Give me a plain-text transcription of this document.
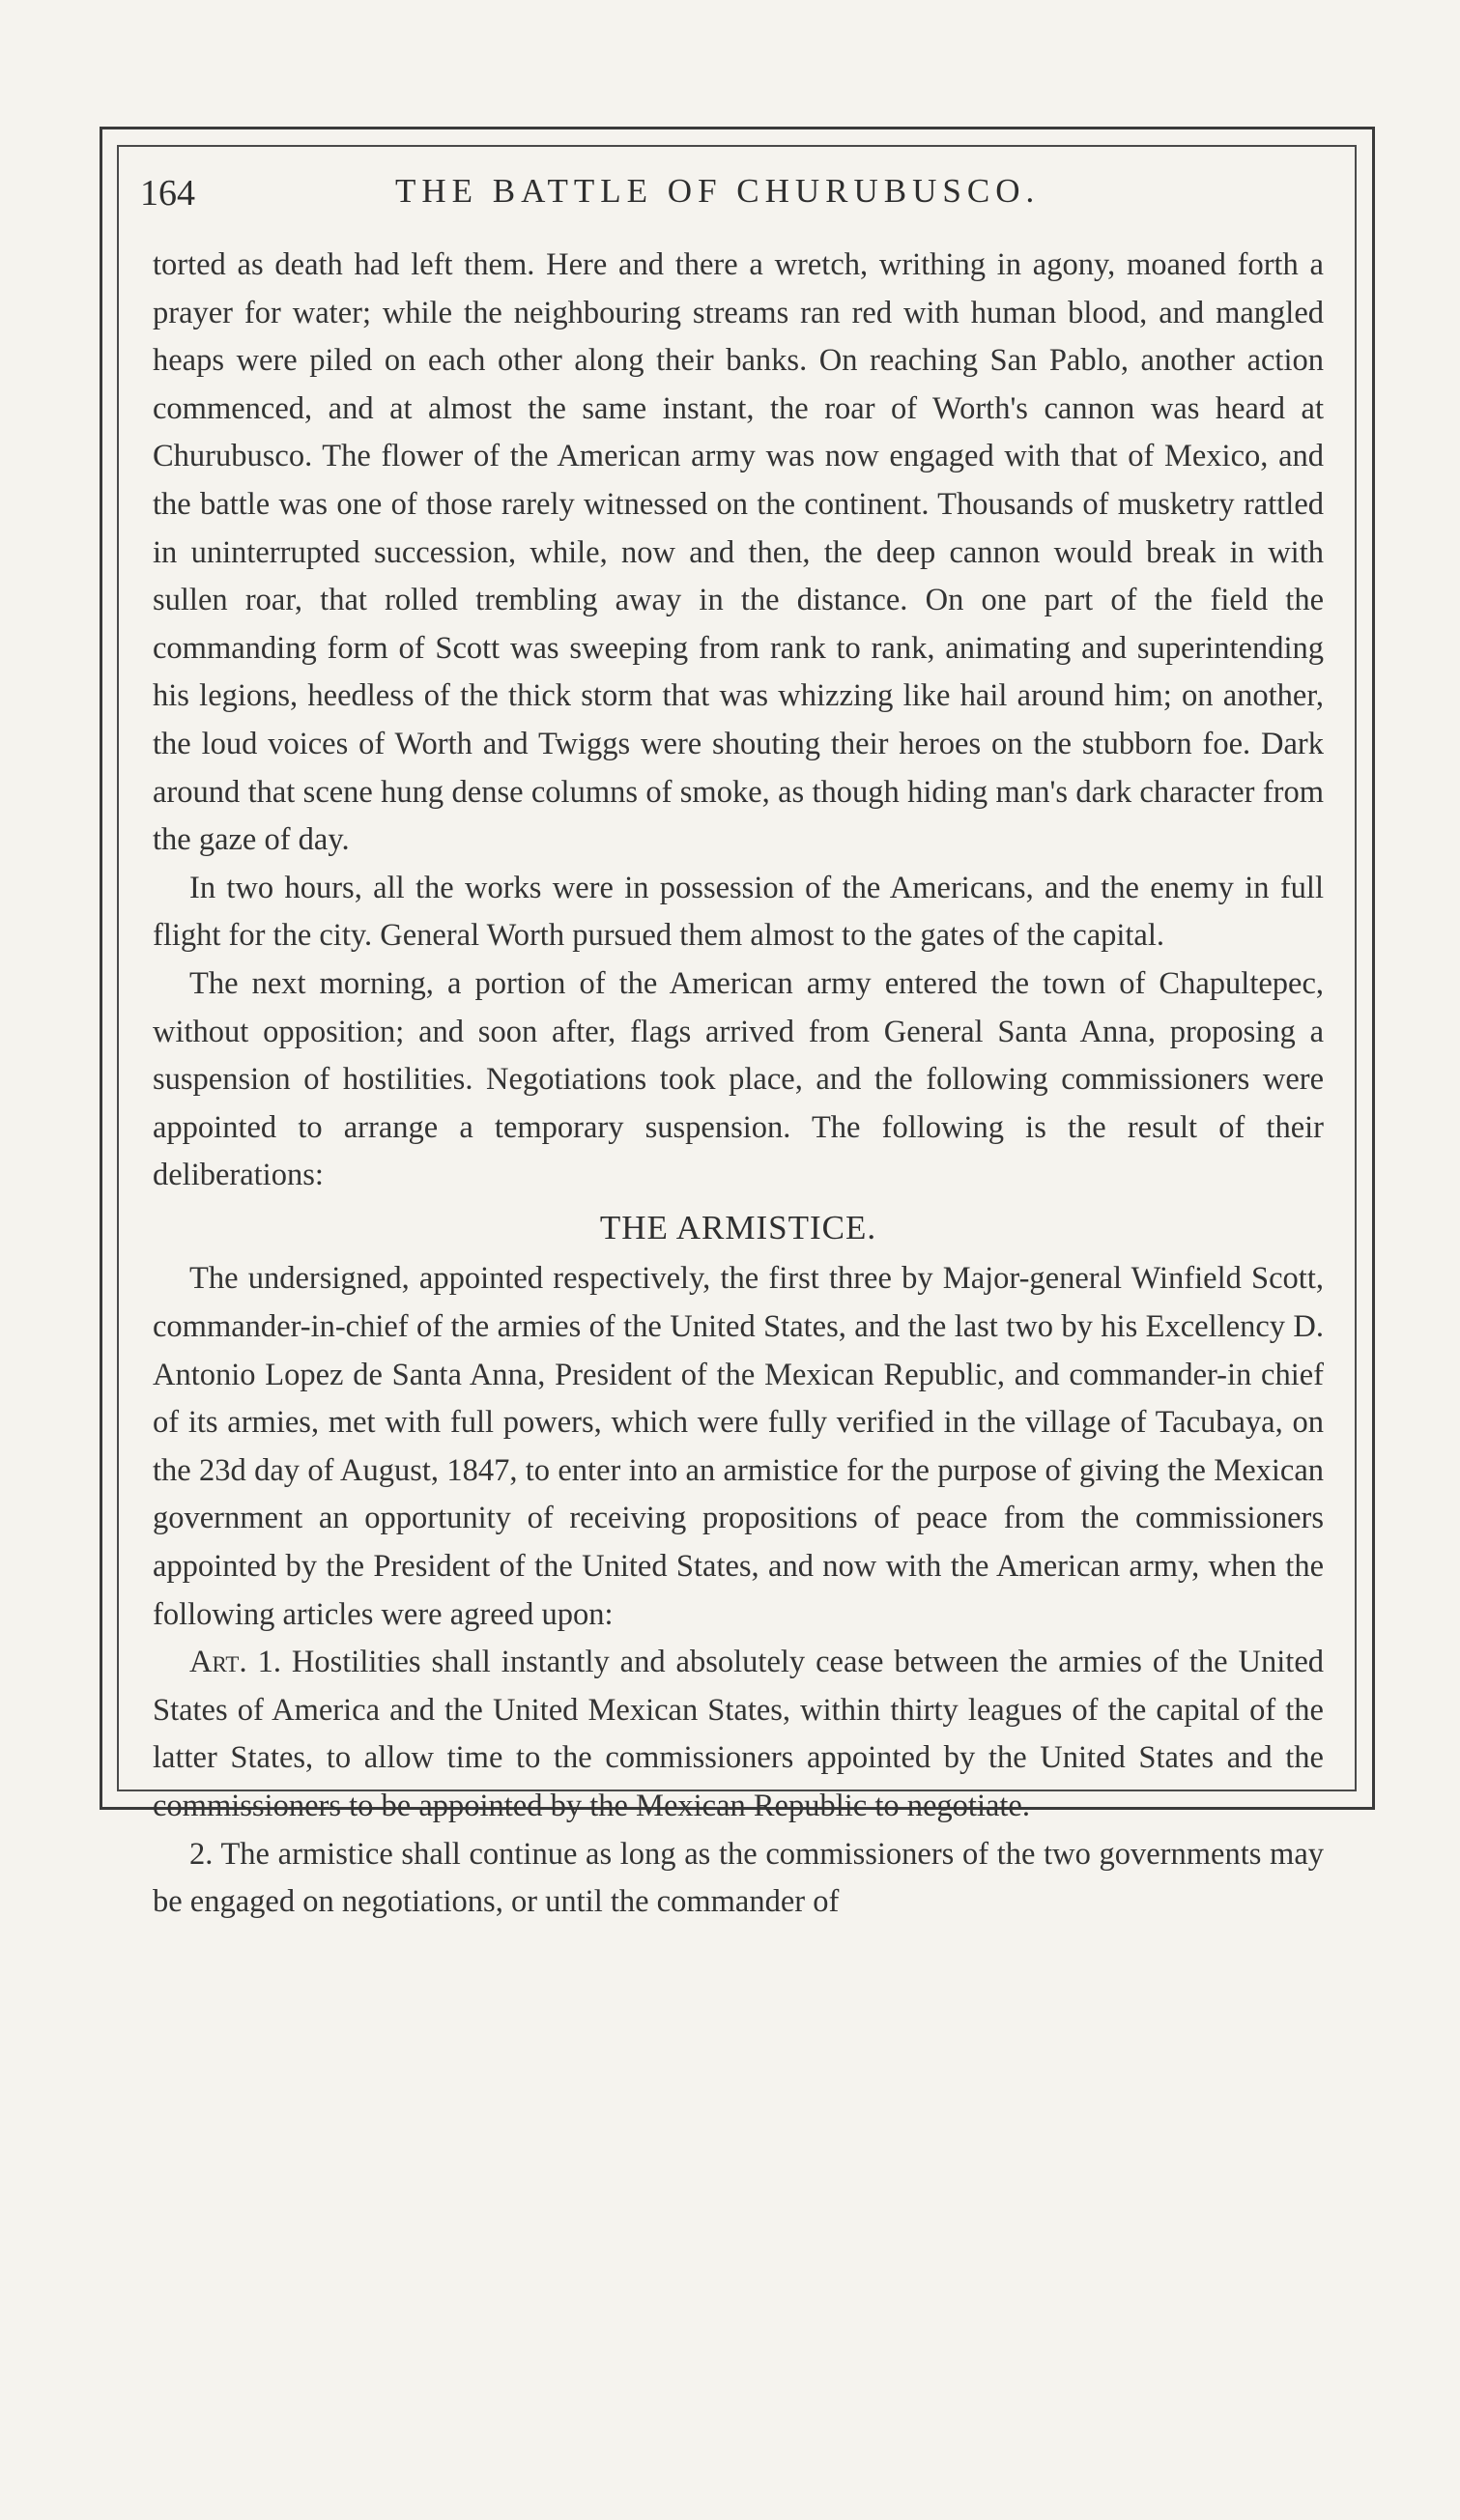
164	THE BATTLE OF CHURUBUSCO.

torted as death had left them. Here and there a wretch, writhing in agony, moaned forth a prayer for water; while the neighbouring streams ran red with human blood, and mangled heaps were piled on each other along their banks. On reaching San Pablo, another action commenced, and at almost the same instant, the roar of Worth's cannon was heard at Churubusco. The flower of the American army was now engaged with that of Mexico, and the battle was one of those rarely witnessed on the continent. Thousands of musketry rattled in uninterrupted succession, while, now and then, the deep cannon would break in with sullen roar, that rolled trembling away in the distance. On one part of the field the commanding form of Scott was sweeping from rank to rank, animating and superintending his legions, heedless of the thick storm that was whizzing like hail around him; on another, the loud voices of Worth and Twiggs were shouting their heroes on the stubborn foe. Dark around that scene hung dense columns of smoke, as though hiding man's dark character from the gaze of day.

In two hours, all the works were in possession of the Americans, and the enemy in full flight for the city. General Worth pursued them almost to the gates of the capital.

The next morning, a portion of the American army entered the town of Chapultepec, without opposition; and soon after, flags arrived from General Santa Anna, proposing a suspension of hostilities. Negotiations took place, and the following commissioners were appointed to arrange a temporary suspension. The following is the result of their deliberations:

THE ARMISTICE.

The undersigned, appointed respectively, the first three by Major-general Winfield Scott, commander-in-chief of the armies of the United States, and the last two by his Excellency D. Antonio Lopez de Santa Anna, President of the Mexican Republic, and commander-in chief of its armies, met with full powers, which were fully verified in the village of Tacubaya, on the 23d day of August, 1847, to enter into an armistice for the purpose of giving the Mexican government an opportunity of receiving propositions of peace from the commissioners appointed by the President of the United States, and now with the American army, when the following articles were agreed upon:

Art. 1. Hostilities shall instantly and absolutely cease between the armies of the United States of America and the United Mexican States, within thirty leagues of the capital of the latter States, to allow time to the commissioners appointed by the United States and the commissioners to be appointed by the Mexican Republic to negotiate.

2. The armistice shall continue as long as the commissioners of the two governments may be engaged on negotiations, or until the commander of
